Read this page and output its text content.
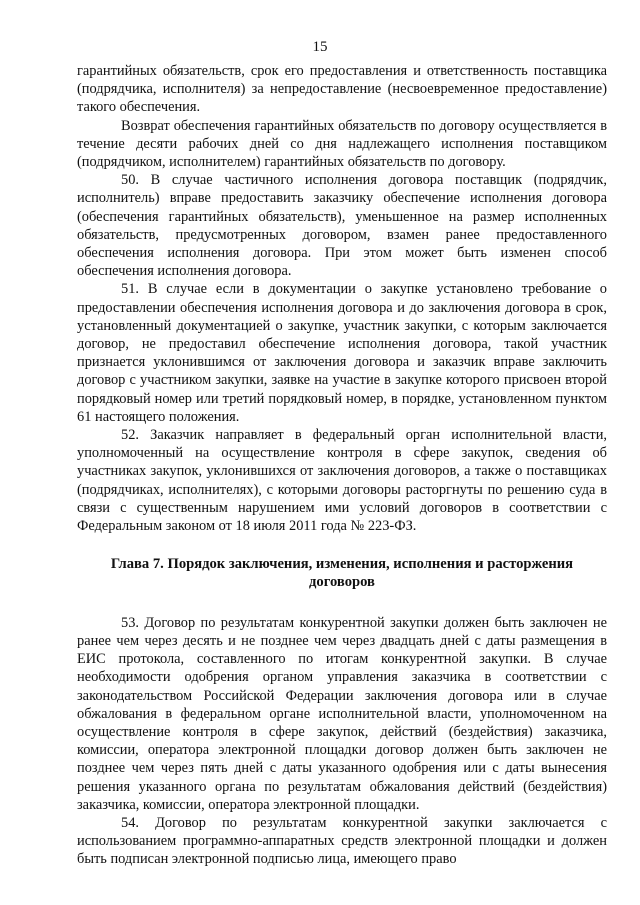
15

гарантийных обязательств, срок его предоставления и ответственность поставщика (подрядчика, исполнителя) за непредоставление (несвоевременное предоставление) такого обеспечения.

Возврат обеспечения гарантийных обязательств по договору осуществляется в течение десяти рабочих дней со дня надлежащего исполнения поставщиком (подрядчиком, исполнителем) гарантийных обязательств по договору.

50. В случае частичного исполнения договора поставщик (подрядчик, исполнитель) вправе предоставить заказчику обеспечение исполнения договора (обеспечения гарантийных обязательств), уменьшенное на размер исполненных обязательств, предусмотренных договором, взамен ранее предоставленного обеспечения исполнения договора. При этом может быть изменен способ обеспечения исполнения договора.

51. В случае если в документации о закупке установлено требование о предоставлении обеспечения исполнения договора и до заключения договора в срок, установленный документацией о закупке, участник закупки, с которым заключается договор, не предоставил обеспечение исполнения договора, такой участник признается уклонившимся от заключения договора и заказчик вправе заключить договор с участником закупки, заявке на участие в закупке которого присвоен второй порядковый номер или третий порядковый номер, в порядке, установленном пунктом 61 настоящего положения.

52. Заказчик направляет в федеральный орган исполнительной власти, уполномоченный на осуществление контроля в сфере закупок, сведения об участниках закупок, уклонившихся от заключения договоров, а также о поставщиках (подрядчиках, исполнителях), с которыми договоры расторгнуты по решению суда в связи с существенным нарушением ими условий договоров в соответствии с Федеральным законом от 18 июля 2011 года № 223-ФЗ.

Глава 7. Порядок заключения, изменения, исполнения и расторжения договоров

53. Договор по результатам конкурентной закупки должен быть заключен не ранее чем через десять и не позднее чем через двадцать дней с даты размещения в ЕИС протокола, составленного по итогам конкурентной закупки. В случае необходимости одобрения органом управления заказчика в соответствии с законодательством Российской Федерации заключения договора или в случае обжалования в федеральном органе исполнительной власти, уполномоченном на осуществление контроля в сфере закупок, действий (бездействия) заказчика, комиссии, оператора электронной площадки договор должен быть заключен не позднее чем через пять дней с даты указанного одобрения или с даты вынесения решения указанного органа по результатам обжалования действий (бездействия) заказчика, комиссии, оператора электронной площадки.

54. Договор по результатам конкурентной закупки заключается с использованием программно-аппаратных средств электронной площадки и должен быть подписан электронной подписью лица, имеющего право
